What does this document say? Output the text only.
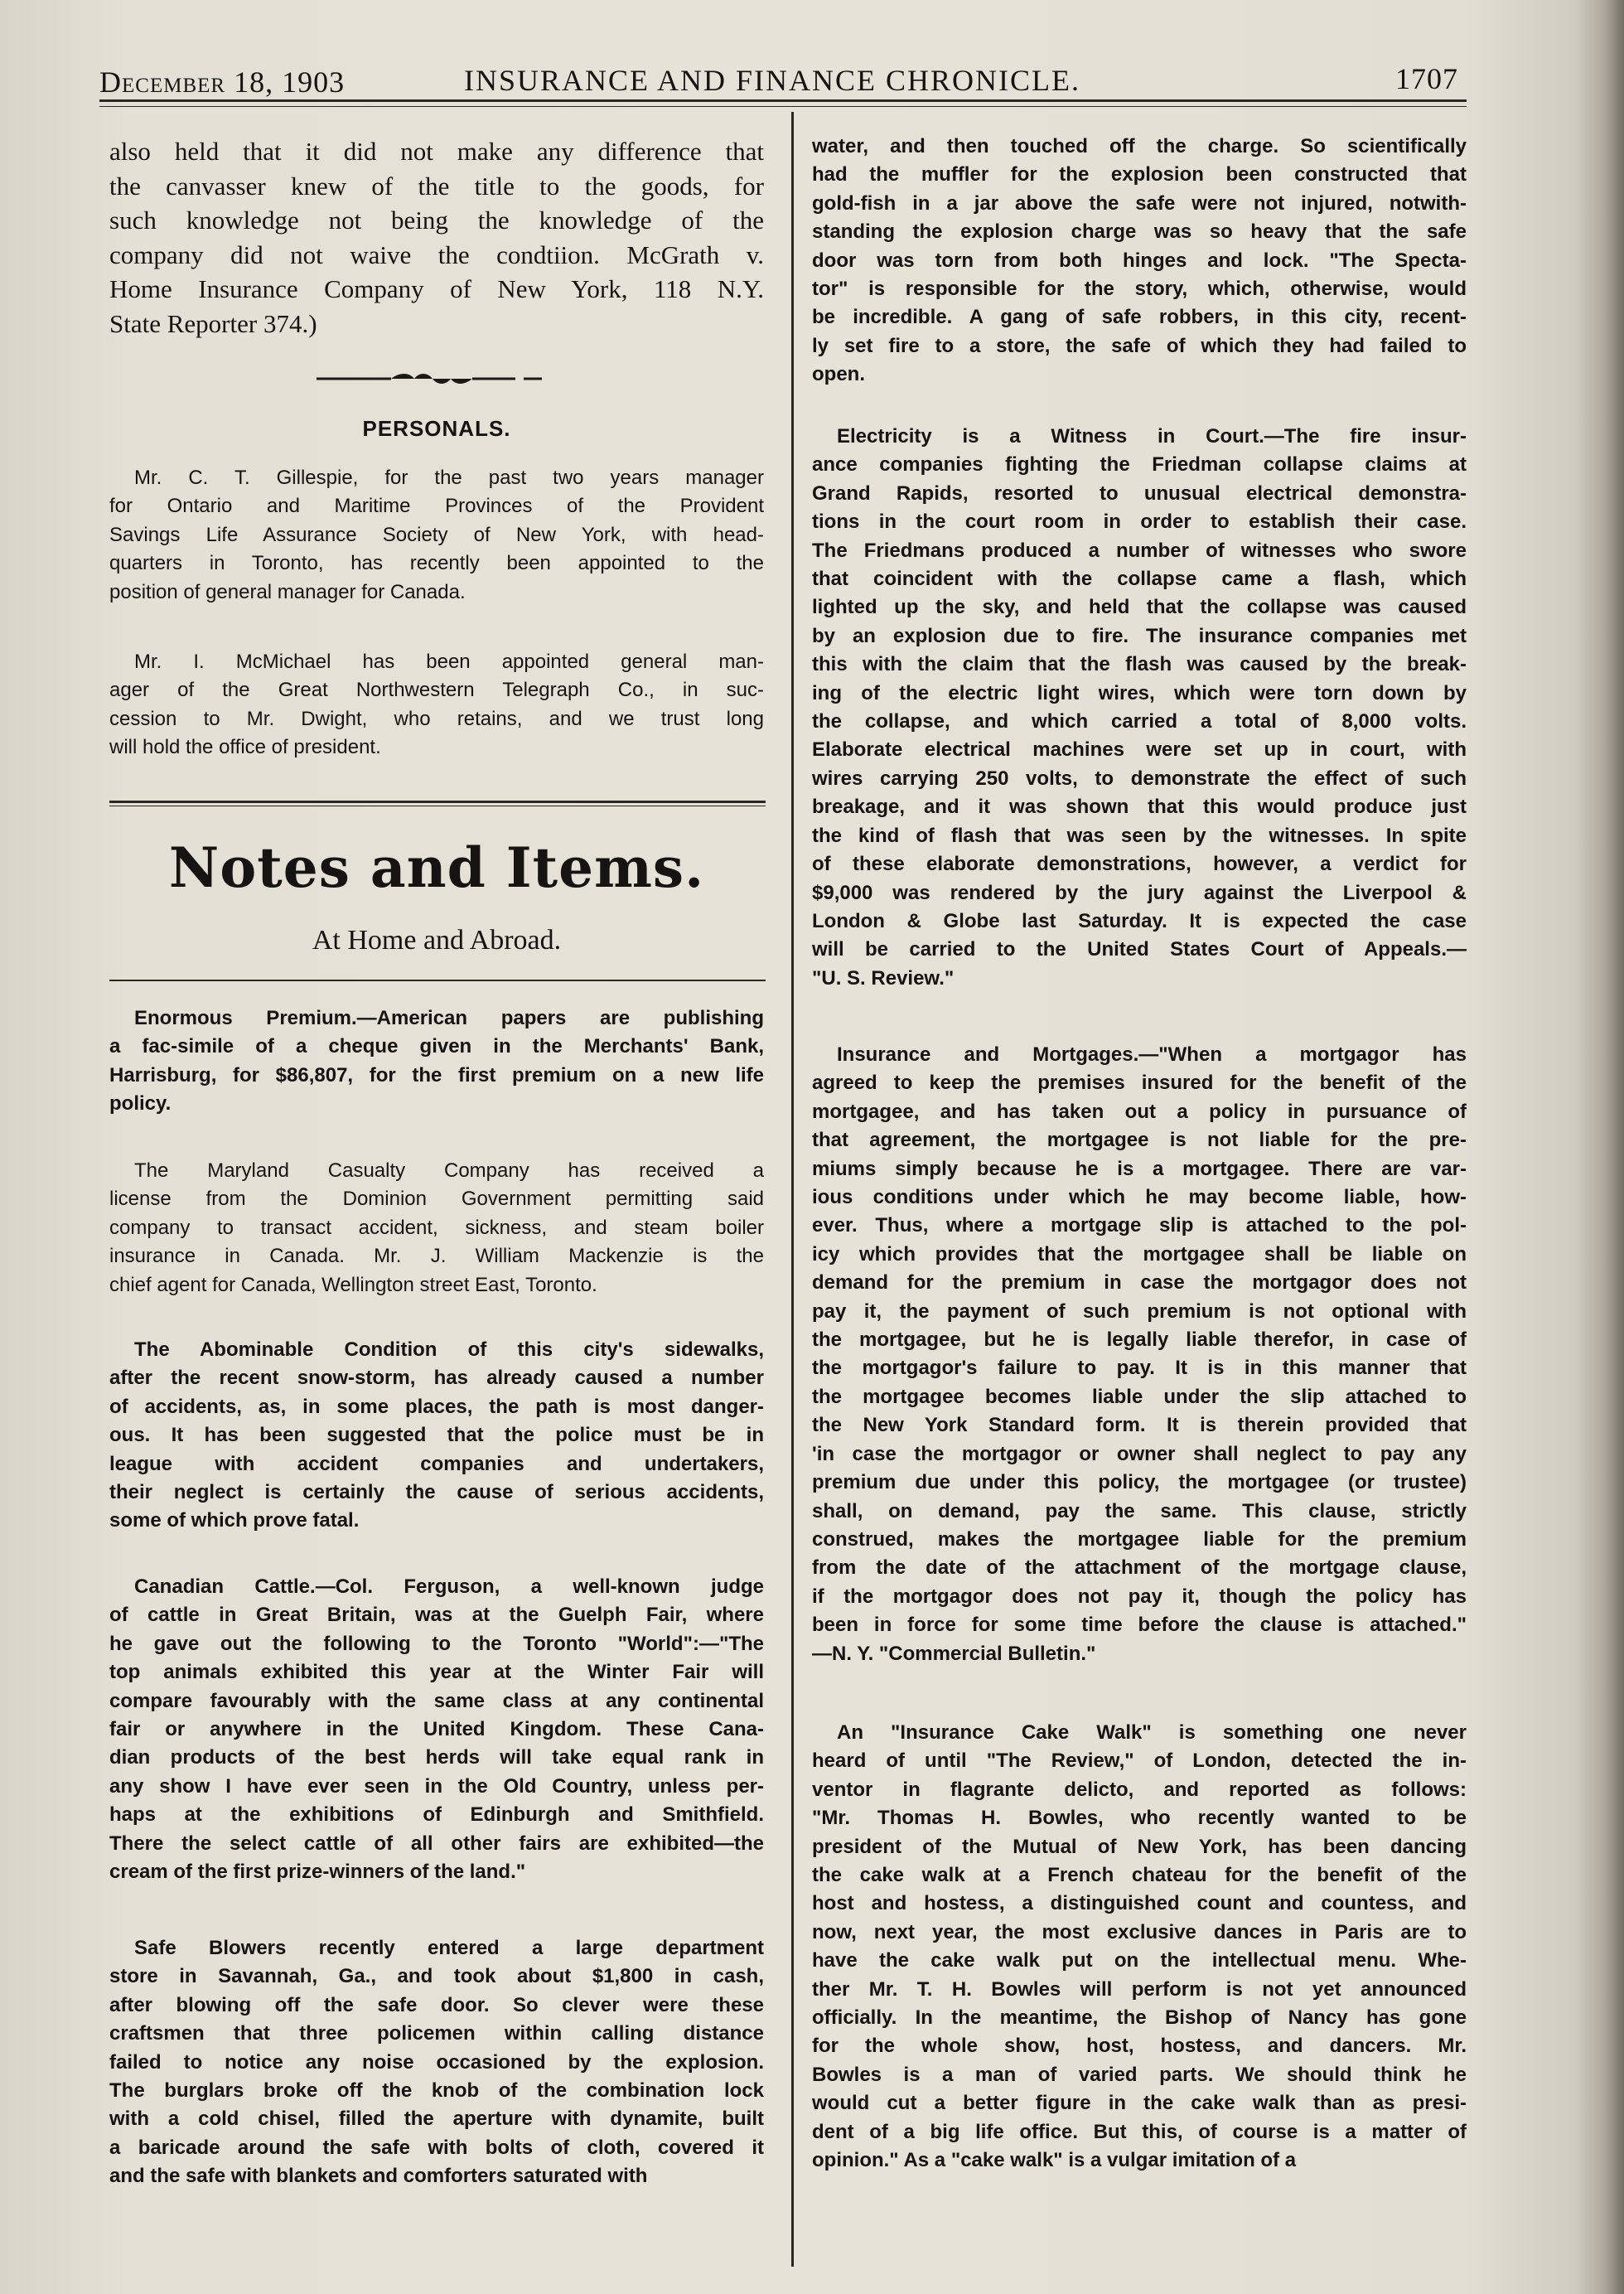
December 18, 1903	INSURANCE AND FINANCE CHRONICLE.	1707
also held that it did not make any difference that
the canvasser knew of the title to the goods, for
such knowledge not being the knowledge of the
company did not waive the condtiion. McGrath v.
Home Insurance Company of New York, 118 N.Y.
State Reporter 374.)
PERSONALS.
Mr. C. T. Gillespie, for the past two years manager
for Ontario and Maritime Provinces of the Provident
Savings Life Assurance Society of New York, with head-
quarters in Toronto, has recently been appointed to the
position of general manager for Canada.
Mr. I. McMichael has been appointed general man-
ager of the Great Northwestern Telegraph Co., in suc-
cession to Mr. Dwight, who retains, and we trust long
will hold the office of president.
Notes and Items.
At Home and Abroad.
Enormous Premium.—American papers are publishing
a fac-simile of a cheque given in the Merchants' Bank,
Harrisburg, for $86,807, for the first premium on a new life
policy.
The Maryland Casualty Company has received a
license from the Dominion Government permitting said
company to transact accident, sickness, and steam boiler
insurance in Canada. Mr. J. William Mackenzie is the
chief agent for Canada, Wellington street East, Toronto.
The Abominable Condition of this city's sidewalks,
after the recent snow-storm, has already caused a number
of accidents, as, in some places, the path is most danger-
ous. It has been suggested that the police must be in
league with accident companies and undertakers,
their neglect is certainly the cause of serious accidents,
some of which prove fatal.
Canadian Cattle.—Col. Ferguson, a well-known judge
of cattle in Great Britain, was at the Guelph Fair, where
he gave out the following to the Toronto "World":—"The
top animals exhibited this year at the Winter Fair will
compare favourably with the same class at any continental
fair or anywhere in the United Kingdom. These Cana-
dian products of the best herds will take equal rank in
any show I have ever seen in the Old Country, unless per-
haps at the exhibitions of Edinburgh and Smithfield.
There the select cattle of all other fairs are exhibited—the
cream of the first prize-winners of the land."
Safe Blowers recently entered a large department
store in Savannah, Ga., and took about $1,800 in cash,
after blowing off the safe door. So clever were these
craftsmen that three policemen within calling distance
failed to notice any noise occasioned by the explosion.
The burglars broke off the knob of the combination lock
with a cold chisel, filled the aperture with dynamite, built
a baricade around the safe with bolts of cloth, covered it
and the safe with blankets and comforters saturated with
water, and then touched off the charge. So scientifically
had the muffler for the explosion been constructed that
gold-fish in a jar above the safe were not injured, notwith-
standing the explosion charge was so heavy that the safe
door was torn from both hinges and lock. "The Specta-
tor" is responsible for the story, which, otherwise, would
be incredible. A gang of safe robbers, in this city, recent-
ly set fire to a store, the safe of which they had failed to
open.
Electricity is a Witness in Court.—The fire insur-
ance companies fighting the Friedman collapse claims at
Grand Rapids, resorted to unusual electrical demonstra-
tions in the court room in order to establish their case.
The Friedmans produced a number of witnesses who swore
that coincident with the collapse came a flash, which
lighted up the sky, and held that the collapse was caused
by an explosion due to fire. The insurance companies met
this with the claim that the flash was caused by the break-
ing of the electric light wires, which were torn down by
the collapse, and which carried a total of 8,000 volts.
Elaborate electrical machines were set up in court, with
wires carrying 250 volts, to demonstrate the effect of such
breakage, and it was shown that this would produce just
the kind of flash that was seen by the witnesses. In spite
of these elaborate demonstrations, however, a verdict for
$9,000 was rendered by the jury against the Liverpool &
London & Globe last Saturday. It is expected the case
will be carried to the United States Court of Appeals.—
"U. S. Review."
Insurance and Mortgages.—"When a mortgagor has
agreed to keep the premises insured for the benefit of the
mortgagee, and has taken out a policy in pursuance of
that agreement, the mortgagee is not liable for the pre-
miums simply because he is a mortgagee. There are var-
ious conditions under which he may become liable, how-
ever. Thus, where a mortgage slip is attached to the pol-
icy which provides that the mortgagee shall be liable on
demand for the premium in case the mortgagor does not
pay it, the payment of such premium is not optional with
the mortgagee, but he is legally liable therefor, in case of
the mortgagor's failure to pay. It is in this manner that
the mortgagee becomes liable under the slip attached to
the New York Standard form. It is therein provided that
'in case the mortgagor or owner shall neglect to pay any
premium due under this policy, the mortgagee (or trustee)
shall, on demand, pay the same. This clause, strictly
construed, makes the mortgagee liable for the premium
from the date of the attachment of the mortgage clause,
if the mortgagor does not pay it, though the policy has
been in force for some time before the clause is attached."
—N. Y. "Commercial Bulletin."
An "Insurance Cake Walk" is something one never
heard of until "The Review," of London, detected the in-
ventor in flagrante delicto, and reported as follows:
"Mr. Thomas H. Bowles, who recently wanted to be
president of the Mutual of New York, has been dancing
the cake walk at a French chateau for the benefit of the
host and hostess, a distinguished count and countess, and
now, next year, the most exclusive dances in Paris are to
have the cake walk put on the intellectual menu. Whe-
ther Mr. T. H. Bowles will perform is not yet announced
officially. In the meantime, the Bishop of Nancy has gone
for the whole show, host, hostess, and dancers. Mr.
Bowles is a man of varied parts. We should think he
would cut a better figure in the cake walk than as presi-
dent of a big life office. But this, of course is a matter of
opinion." As a "cake walk" is a vulgar imitation of a
